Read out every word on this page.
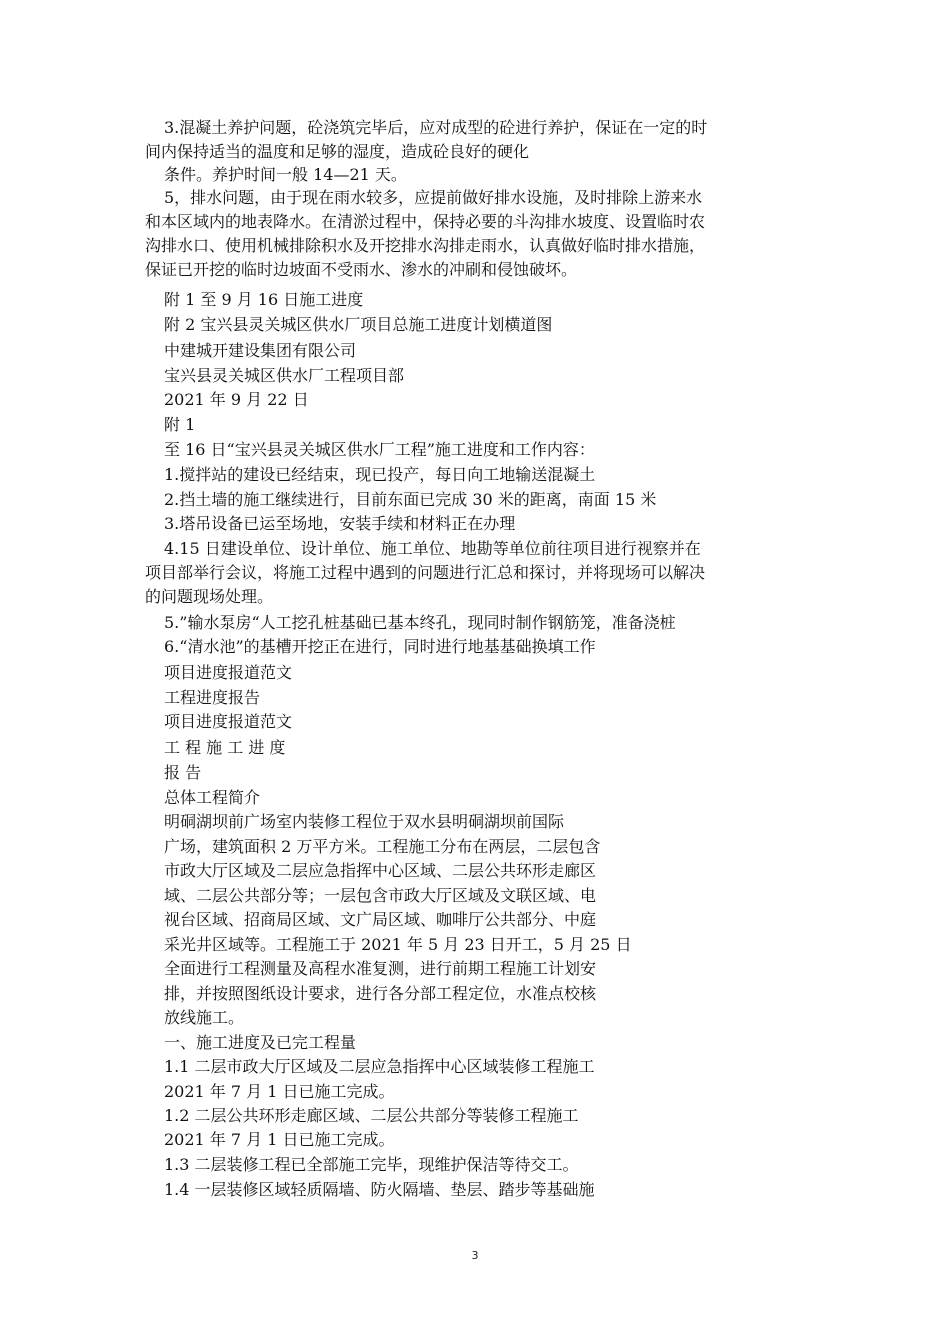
3.混凝土养护问题，砼浇筑完毕后，应对成型的砼进行养护，保证在一定的时
间内保持适当的温度和足够的湿度，造成砼良好的硬化
条件。养护时间一般 14—21 天。
5，排水问题，由于现在雨水较多，应提前做好排水设施，及时排除上游来水
和本区域内的地表降水。在清淤过程中，保持必要的斗沟排水坡度、设置临时农
沟排水口、使用机械排除积水及开挖排水沟排走雨水，认真做好临时排水措施，
保证已开挖的临时边坡面不受雨水、渗水的冲刷和侵蚀破坏。
附 1 至 9 月 16 日施工进度
附 2 宝兴县灵关城区供水厂项目总施工进度计划横道图
中建城开建设集团有限公司
宝兴县灵关城区供水厂工程项目部
2021 年 9 月 22 日
附 1
至 16 日“宝兴县灵关城区供水厂工程”施工进度和工作内容：
1.搅拌站的建设已经结束，现已投产，每日向工地输送混凝土
2.挡土墙的施工继续进行，目前东面已完成 30 米的距离，南面 15 米
3.塔吊设备已运至场地，安装手续和材料正在办理
4.15 日建设单位、设计单位、施工单位、地勘等单位前往项目进行视察并在
项目部举行会议，将施工过程中遇到的问题进行汇总和探讨，并将现场可以解决
的问题现场处理。
5.”输水泵房“人工挖孔桩基础已基本终孔，现同时制作钢筋笼，准备浇桩
6.“清水池”的基槽开挖正在进行，同时进行地基基础换填工作
项目进度报道范文
工程进度报告
项目进度报道范文
工 程 施 工 进 度
报 告
总体工程简介
明硐湖坝前广场室内装修工程位于双水县明硐湖坝前国际
广场，建筑面积 2 万平方米。工程施工分布在两层，二层包含
市政大厅区域及二层应急指挥中心区域、二层公共环形走廊区
域、二层公共部分等；一层包含市政大厅区域及文联区域、电
视台区域、招商局区域、文广局区域、咖啡厅公共部分、中庭
采光井区域等。工程施工于 2021 年 5 月 23 日开工，5 月 25 日
全面进行工程测量及高程水准复测，进行前期工程施工计划安
排，并按照图纸设计要求，进行各分部工程定位，水准点校核
放线施工。
一、施工进度及已完工程量
1.1 二层市政大厅区域及二层应急指挥中心区域装修工程施工
2021 年 7 月 1 日已施工完成。
1.2 二层公共环形走廊区域、二层公共部分等装修工程施工
2021 年 7 月 1 日已施工完成。
1.3 二层装修工程已全部施工完毕，现维护保洁等待交工。
1.4 一层装修区域轻质隔墙、防火隔墙、垫层、踏步等基础施
3
